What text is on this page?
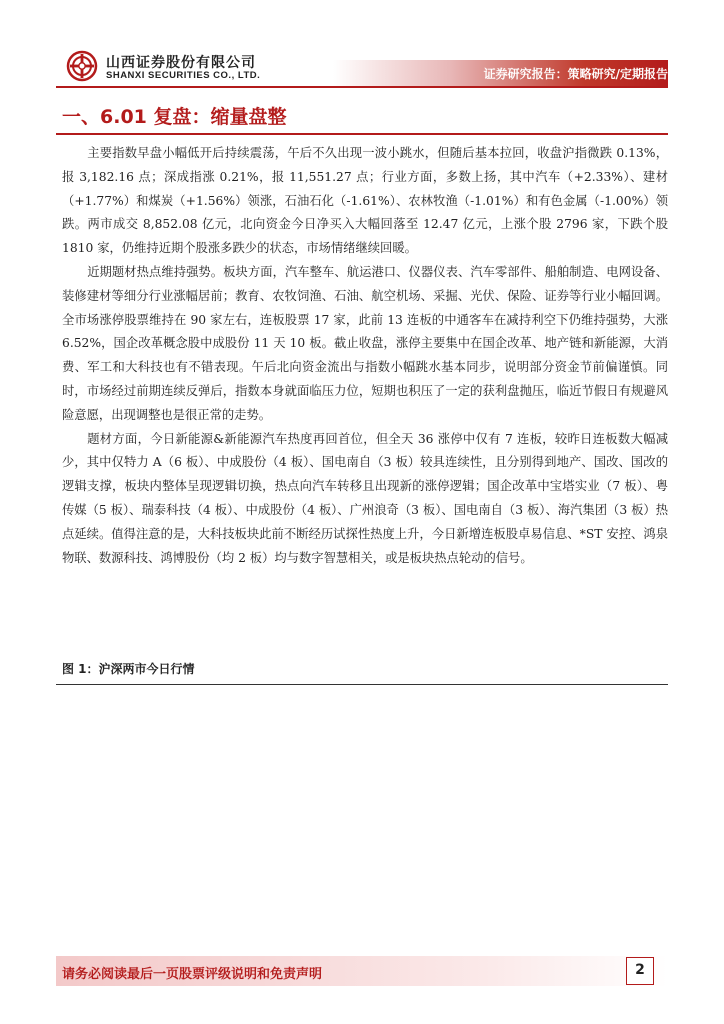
山西证券股份有限公司
SHANXI SECURITIES CO., LTD.	证券研究报告：策略研究/定期报告
一、6.01 复盘：缩量盘整

主要指数早盘小幅低开后持续震荡，午后不久出现一波小跳水，但随后基本拉回，收盘沪指微跌 0.13%，报 3,182.16 点；深成指涨 0.21%，报 11,551.27 点；行业方面，多数上扬，其中汽车（+2.33%）、建材（+1.77%）和煤炭（+1.56%）领涨，石油石化（-1.61%）、农林牧渔（-1.01%）和有色金属（-1.00%）领跌。两市成交 8,852.08 亿元，北向资金今日净买入大幅回落至 12.47 亿元，上涨个股 2796 家，下跌个股 1810 家，仍维持近期个股涨多跌少的状态，市场情绪继续回暖。

近期题材热点维持强势。板块方面，汽车整车、航运港口、仪器仪表、汽车零部件、船舶制造、电网设备、装修建材等细分行业涨幅居前；教育、农牧饲渔、石油、航空机场、采掘、光伏、保险、证券等行业小幅回调。全市场涨停股票维持在 90 家左右，连板股票 17 家，此前 13 连板的中通客车在减持利空下仍维持强势，大涨 6.52%，国企改革概念股中成股份 11 天 10 板。截止收盘，涨停主要集中在国企改革、地产链和新能源，大消费、军工和大科技也有不错表现。午后北向资金流出与指数小幅跳水基本同步，说明部分资金节前偏谨慎。同时，市场经过前期连续反弹后，指数本身就面临压力位，短期也积压了一定的获利盘抛压，临近节假日有规避风险意愿，出现调整也是很正常的走势。

题材方面，今日新能源&新能源汽车热度再回首位，但全天 36 涨停中仅有 7 连板，较昨日连板数大幅减少，其中仅特力 A（6 板）、中成股份（4 板）、国电南自（3 板）较具连续性，且分别得到地产、国改、国改的逻辑支撑，板块内整体呈现逻辑切换，热点向汽车转移且出现新的涨停逻辑；国企改革中宝塔实业（7 板）、粤传媒（5 板）、瑞泰科技（4 板）、中成股份（4 板）、广州浪奇（3 板）、国电南自（3 板）、海汽集团（3 板）热点延续。值得注意的是，大科技板块此前不断经历试探性热度上升，今日新增连板股卓易信息、*ST 安控、鸿泉物联、数源科技、鸿博股份（均 2 板）均与数字智慧相关，或是板块热点轮动的信号。

图 1：沪深两市今日行情
请务必阅读最后一页股票评级说明和免责声明	2
